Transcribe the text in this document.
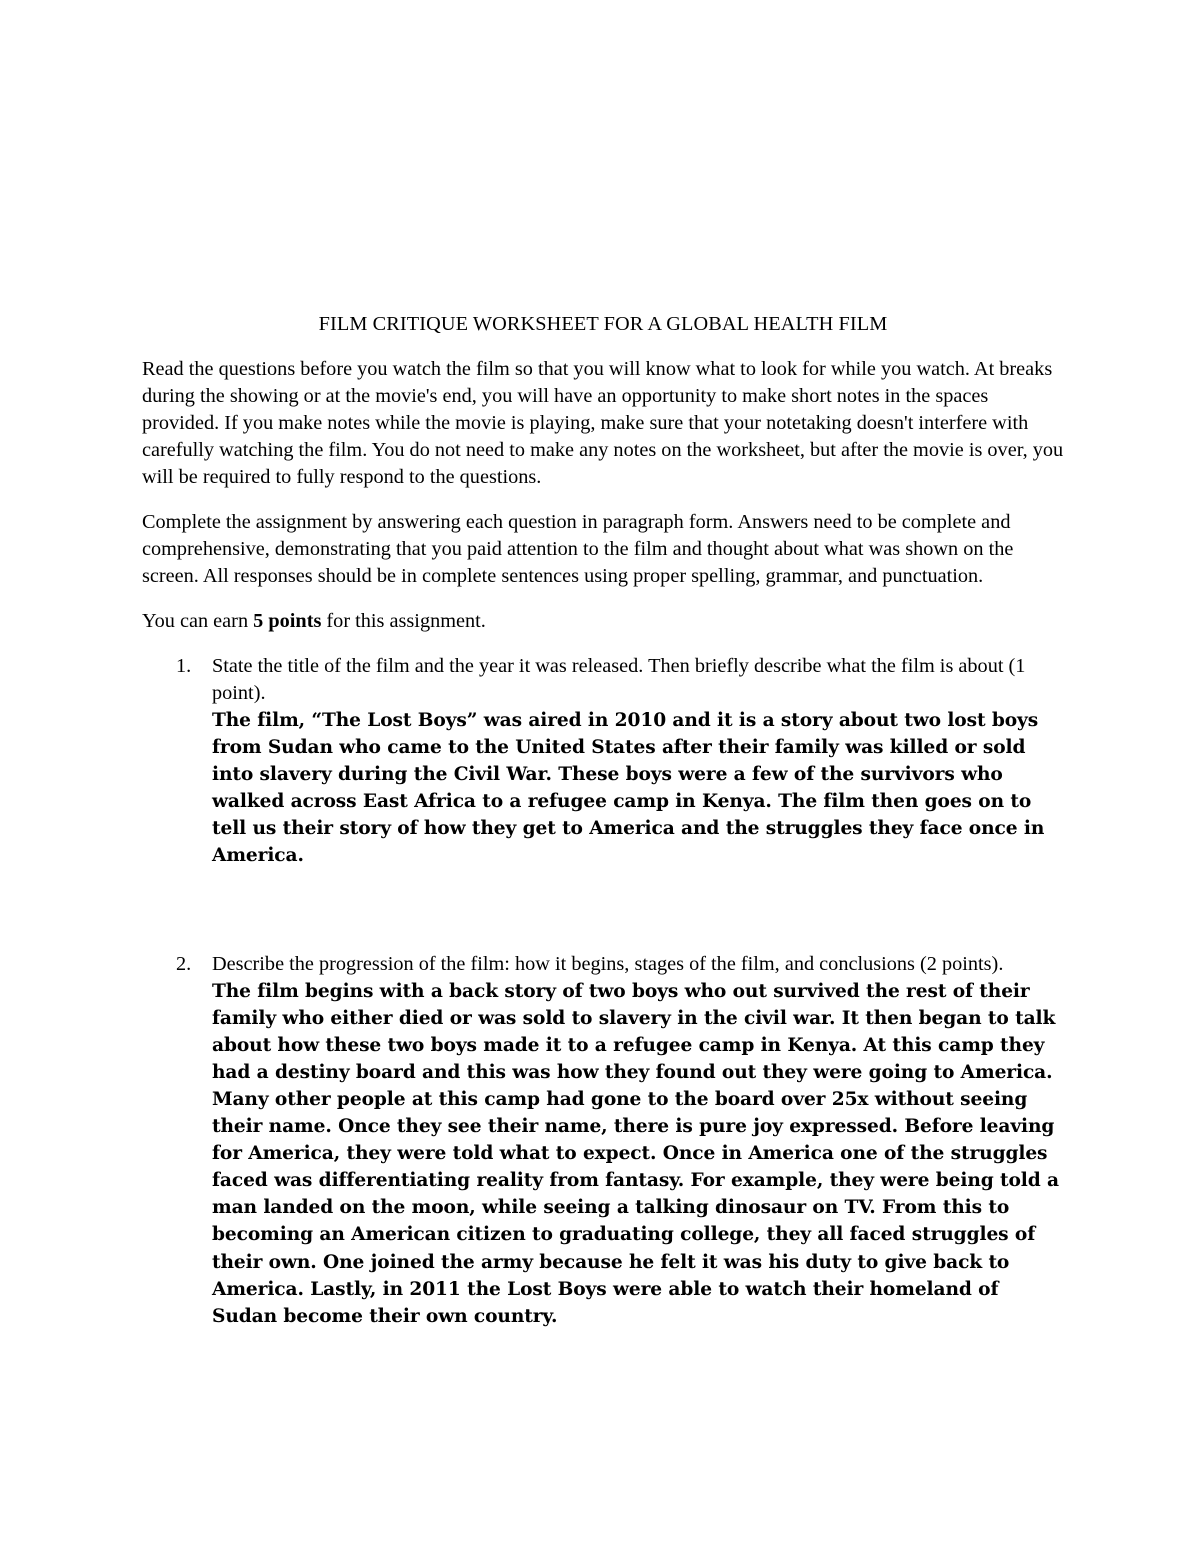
FILM CRITIQUE WORKSHEET FOR A GLOBAL HEALTH FILM

Read the questions before you watch the film so that you will know what to look for while you watch. At breaks during the showing or at the movie's end, you will have an opportunity to make short notes in the spaces provided. If you make notes while the movie is playing, make sure that your notetaking doesn't interfere with carefully watching the film. You do not need to make any notes on the worksheet, but after the movie is over, you will be required to fully respond to the questions.

Complete the assignment by answering each question in paragraph form. Answers need to be complete and comprehensive, demonstrating that you paid attention to the film and thought about what was shown on the screen. All responses should be in complete sentences using proper spelling, grammar, and punctuation.

You can earn 5 points for this assignment.

1. State the title of the film and the year it was released. Then briefly describe what the film is about (1 point).
The film, “The Lost Boys” was aired in 2010 and it is a story about two lost boys from Sudan who came to the United States after their family was killed or sold into slavery during the Civil War. These boys were a few of the survivors who walked across East Africa to a refugee camp in Kenya. The film then goes on to tell us their story of how they get to America and the struggles they face once in America.
2. Describe the progression of the film: how it begins, stages of the film, and conclusions (2 points).
The film begins with a back story of two boys who out survived the rest of their family who either died or was sold to slavery in the civil war. It then began to talk about how these two boys made it to a refugee camp in Kenya. At this camp they had a destiny board and this was how they found out they were going to America. Many other people at this camp had gone to the board over 25x without seeing their name. Once they see their name, there is pure joy expressed. Before leaving for America, they were told what to expect. Once in America one of the struggles faced was differentiating reality from fantasy. For example, they were being told a man landed on the moon, while seeing a talking dinosaur on TV. From this to becoming an American citizen to graduating college, they all faced struggles of their own. One joined the army because he felt it was his duty to give back to America. Lastly, in 2011 the Lost Boys were able to watch their homeland of Sudan become their own country.
